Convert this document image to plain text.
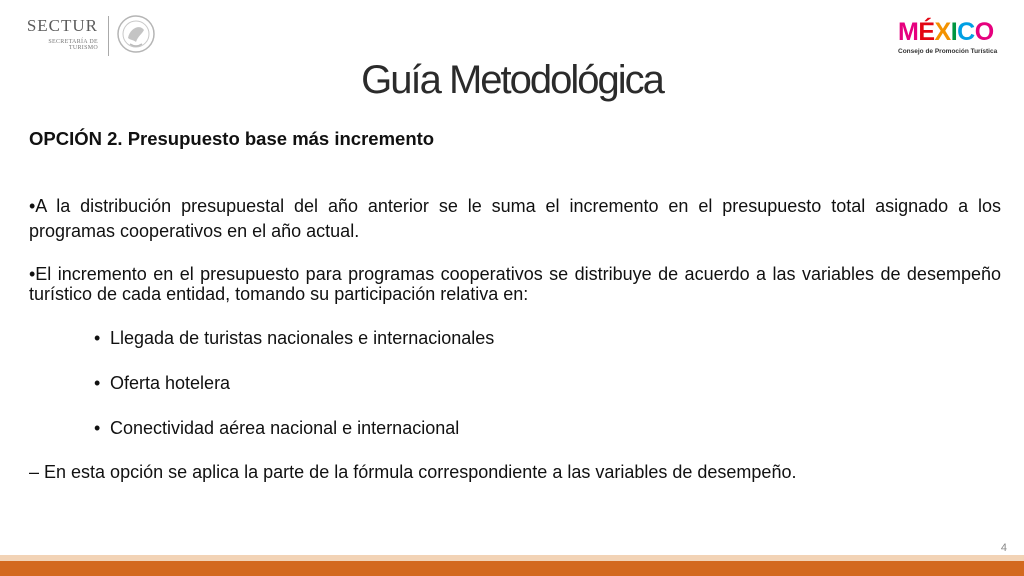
SECTUR
SECRETARÍA DE TURISMO
MÉXICO
Consejo de Promoción Turística
Guía Metodológica
OPCIÓN 2. Presupuesto base más incremento
•A la distribución presupuestal del año anterior se le suma el incremento en el presupuesto total asignado a los programas cooperativos en el año actual.
•El incremento en el presupuesto para programas cooperativos se distribuye de acuerdo a las variables de desempeño turístico de cada entidad, tomando su participación relativa en:
• Llegada de turistas nacionales e internacionales
• Oferta hotelera
• Conectividad aérea nacional e internacional
– En esta opción se aplica la parte de la fórmula correspondiente a las variables de desempeño.
4
